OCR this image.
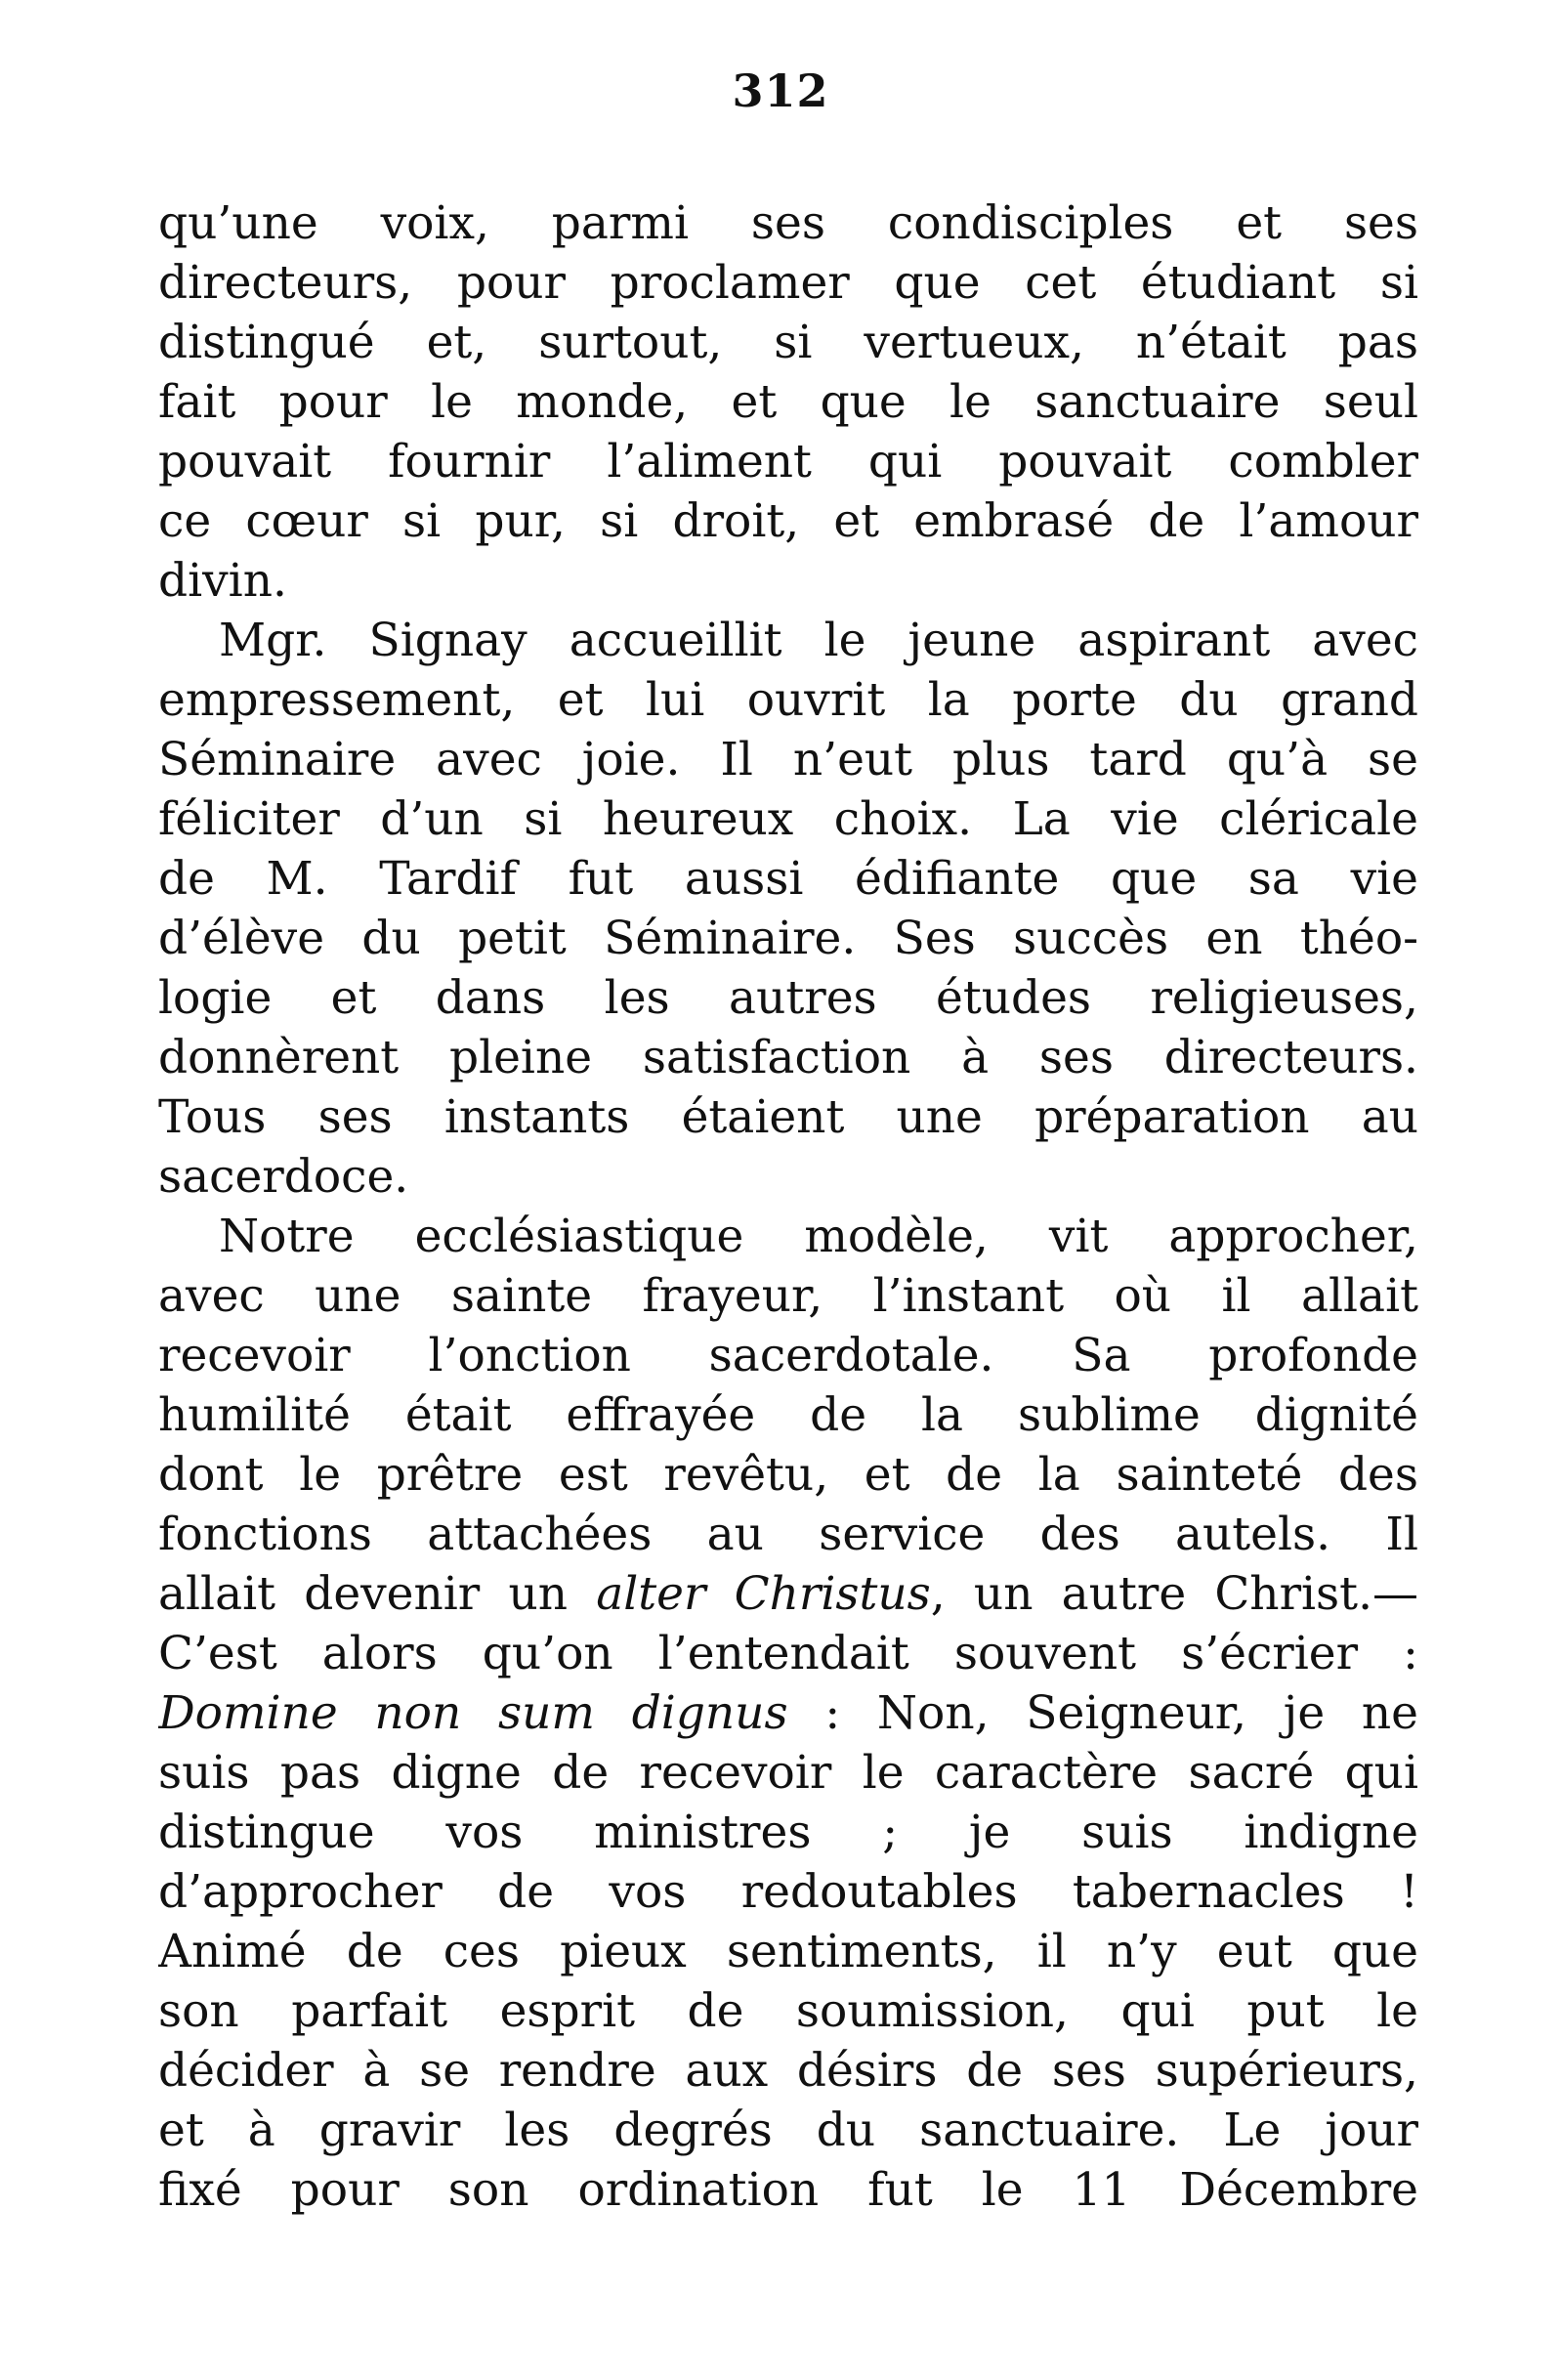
312
qu’une voix, parmi ses condisciples et ses
directeurs, pour proclamer que cet étudiant si
distingué et, surtout, si vertueux, n’était pas
fait pour le monde, et que le sanctuaire seul
pouvait fournir l’aliment qui pouvait combler
ce cœur si pur, si droit, et embrasé de l’amour
divin.
Mgr. Signay accueillit le jeune aspirant avec
empressement, et lui ouvrit la porte du grand
Séminaire avec joie. Il n’eut plus tard qu’à se
féliciter d’un si heureux choix. La vie cléricale
de M. Tardif fut aussi édifiante que sa vie
d’élève du petit Séminaire. Ses succès en théo-
logie et dans les autres études religieuses,
donnèrent pleine satisfaction à ses directeurs.
Tous ses instants étaient une préparation au
sacerdoce.
Notre ecclésiastique modèle, vit approcher,
avec une sainte frayeur, l’instant où il allait
recevoir l’onction sacerdotale. Sa profonde
humilité était effrayée de la sublime dignité
dont le prêtre est revêtu, et de la sainteté des
fonctions attachées au service des autels. Il
allait devenir un alter Christus, un autre Christ.—
C’est alors qu’on l’entendait souvent s’écrier :
Domine non sum dignus : Non, Seigneur, je ne
suis pas digne de recevoir le caractère sacré qui
distingue vos ministres ; je suis indigne
d’approcher de vos redoutables tabernacles !
Animé de ces pieux sentiments, il n’y eut que
son parfait esprit de soumission, qui put le
décider à se rendre aux désirs de ses supérieurs,
et à gravir les degrés du sanctuaire. Le jour
fixé pour son ordination fut le 11 Décembre
